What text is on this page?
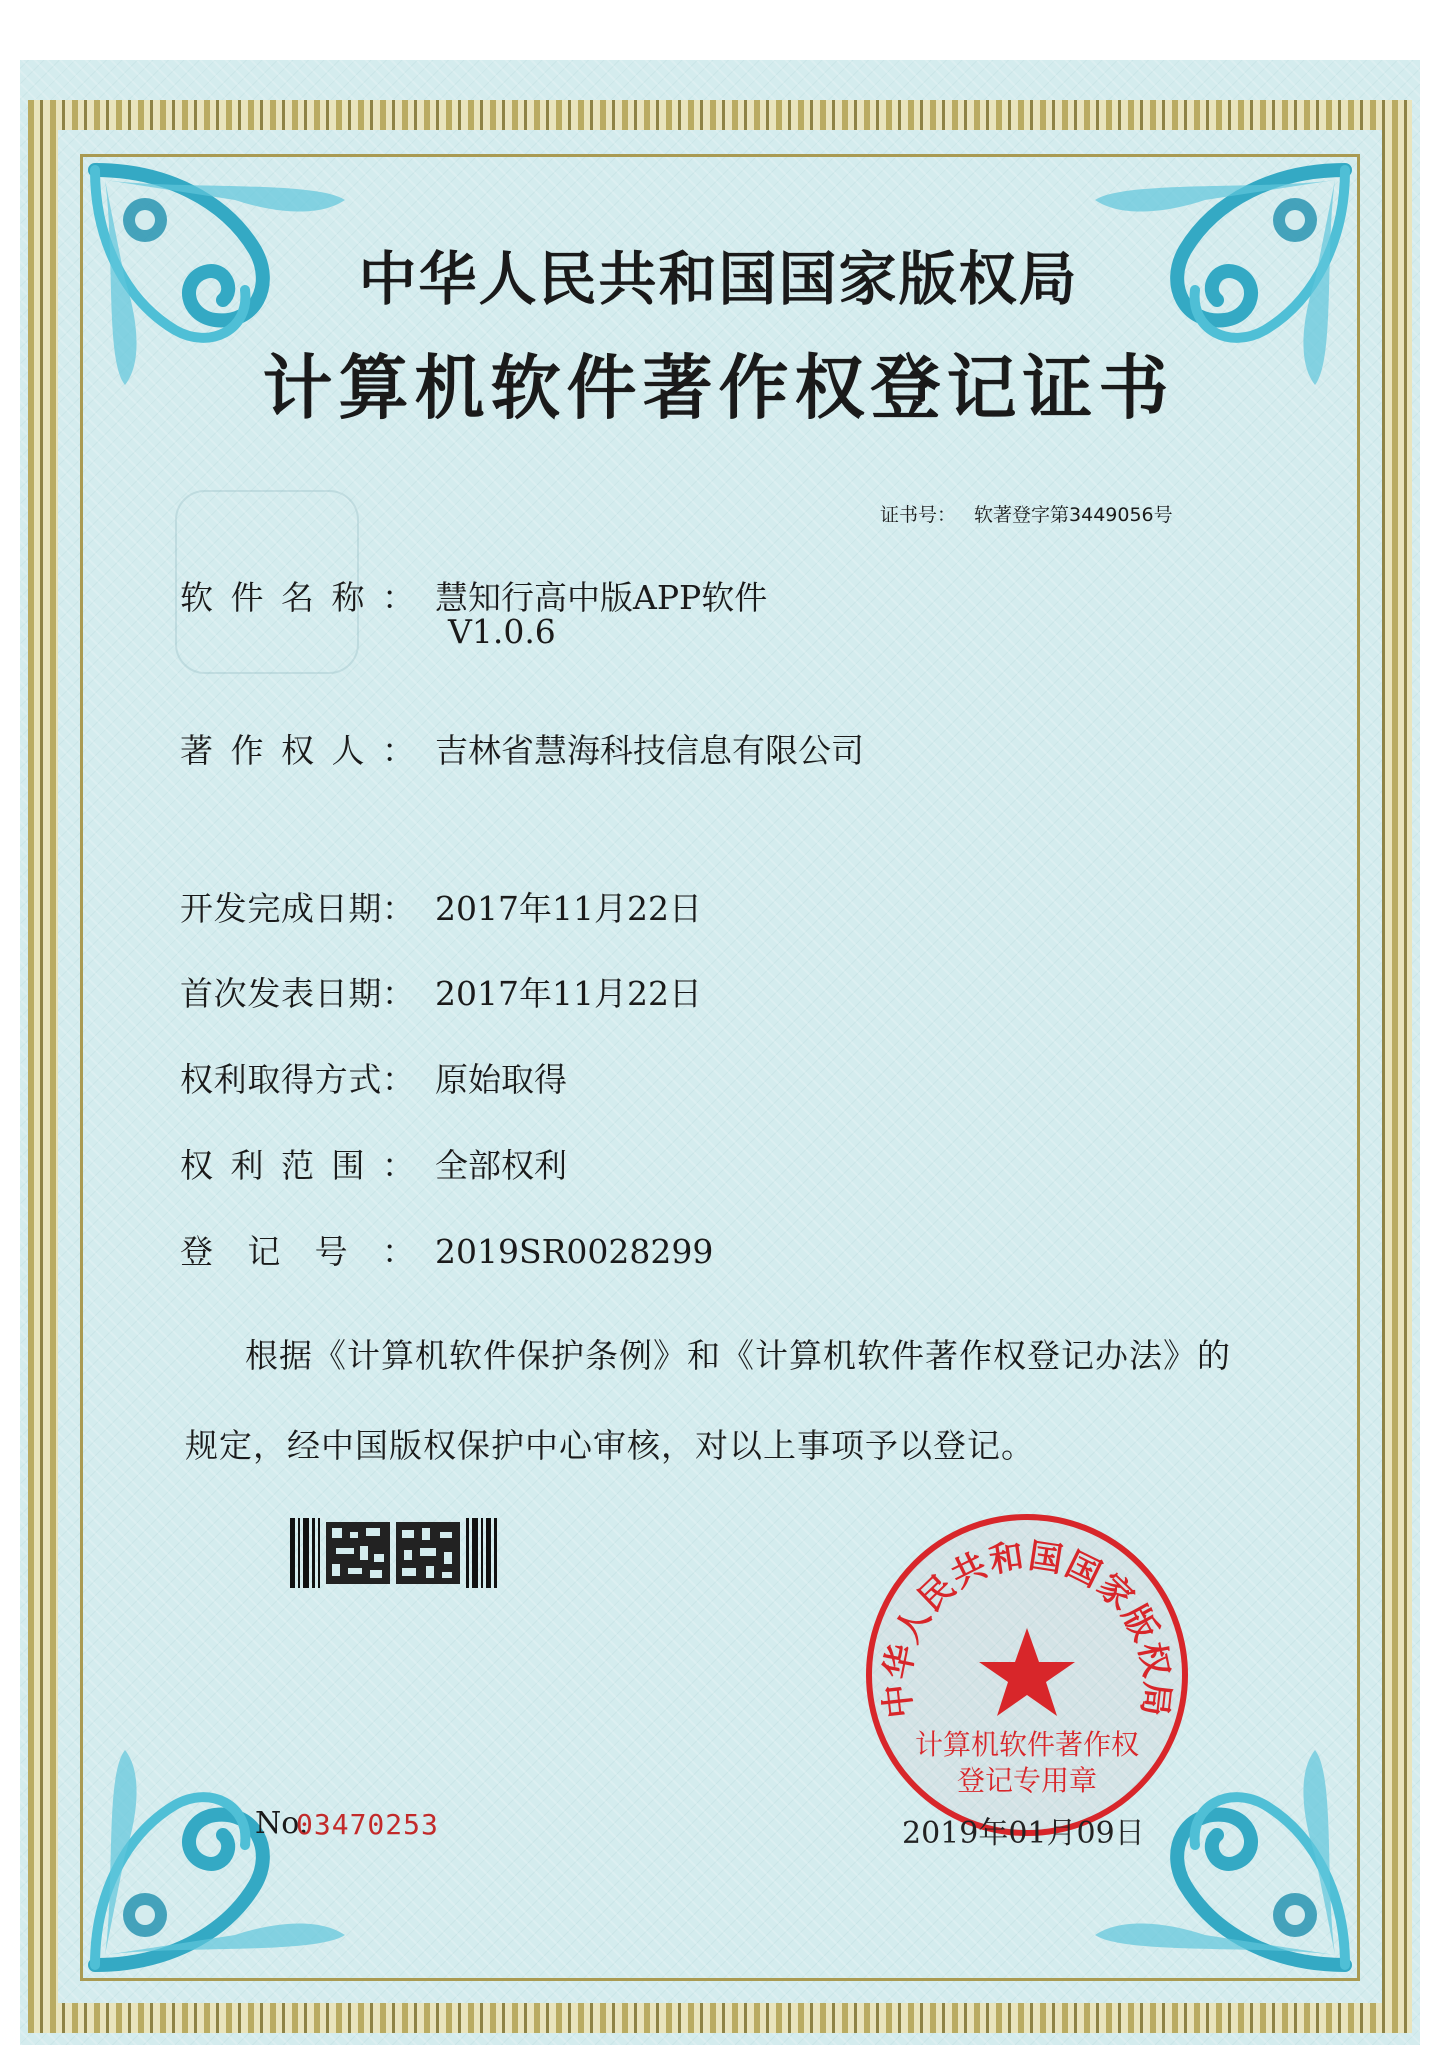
中华人民共和国国家版权局
计算机软件著作权登记证书
证书号： 软著登字第3449056号
软件名称： 慧知行高中版APP软件
V1.0.6
著作权人： 吉林省慧海科技信息有限公司
开发完成日期： 2017年11月22日
首次发表日期： 2017年11月22日
权利取得方式： 原始取得
权利范围： 全部权利
登记号： 2019SR0028299
根据《计算机软件保护条例》和《计算机软件著作权登记办法》的
规定，经中国版权保护中心审核，对以上事项予以登记。
中华人民共和国国家版权局
计算机软件著作权
登记专用章
2019年01月09日
No.
03470253
